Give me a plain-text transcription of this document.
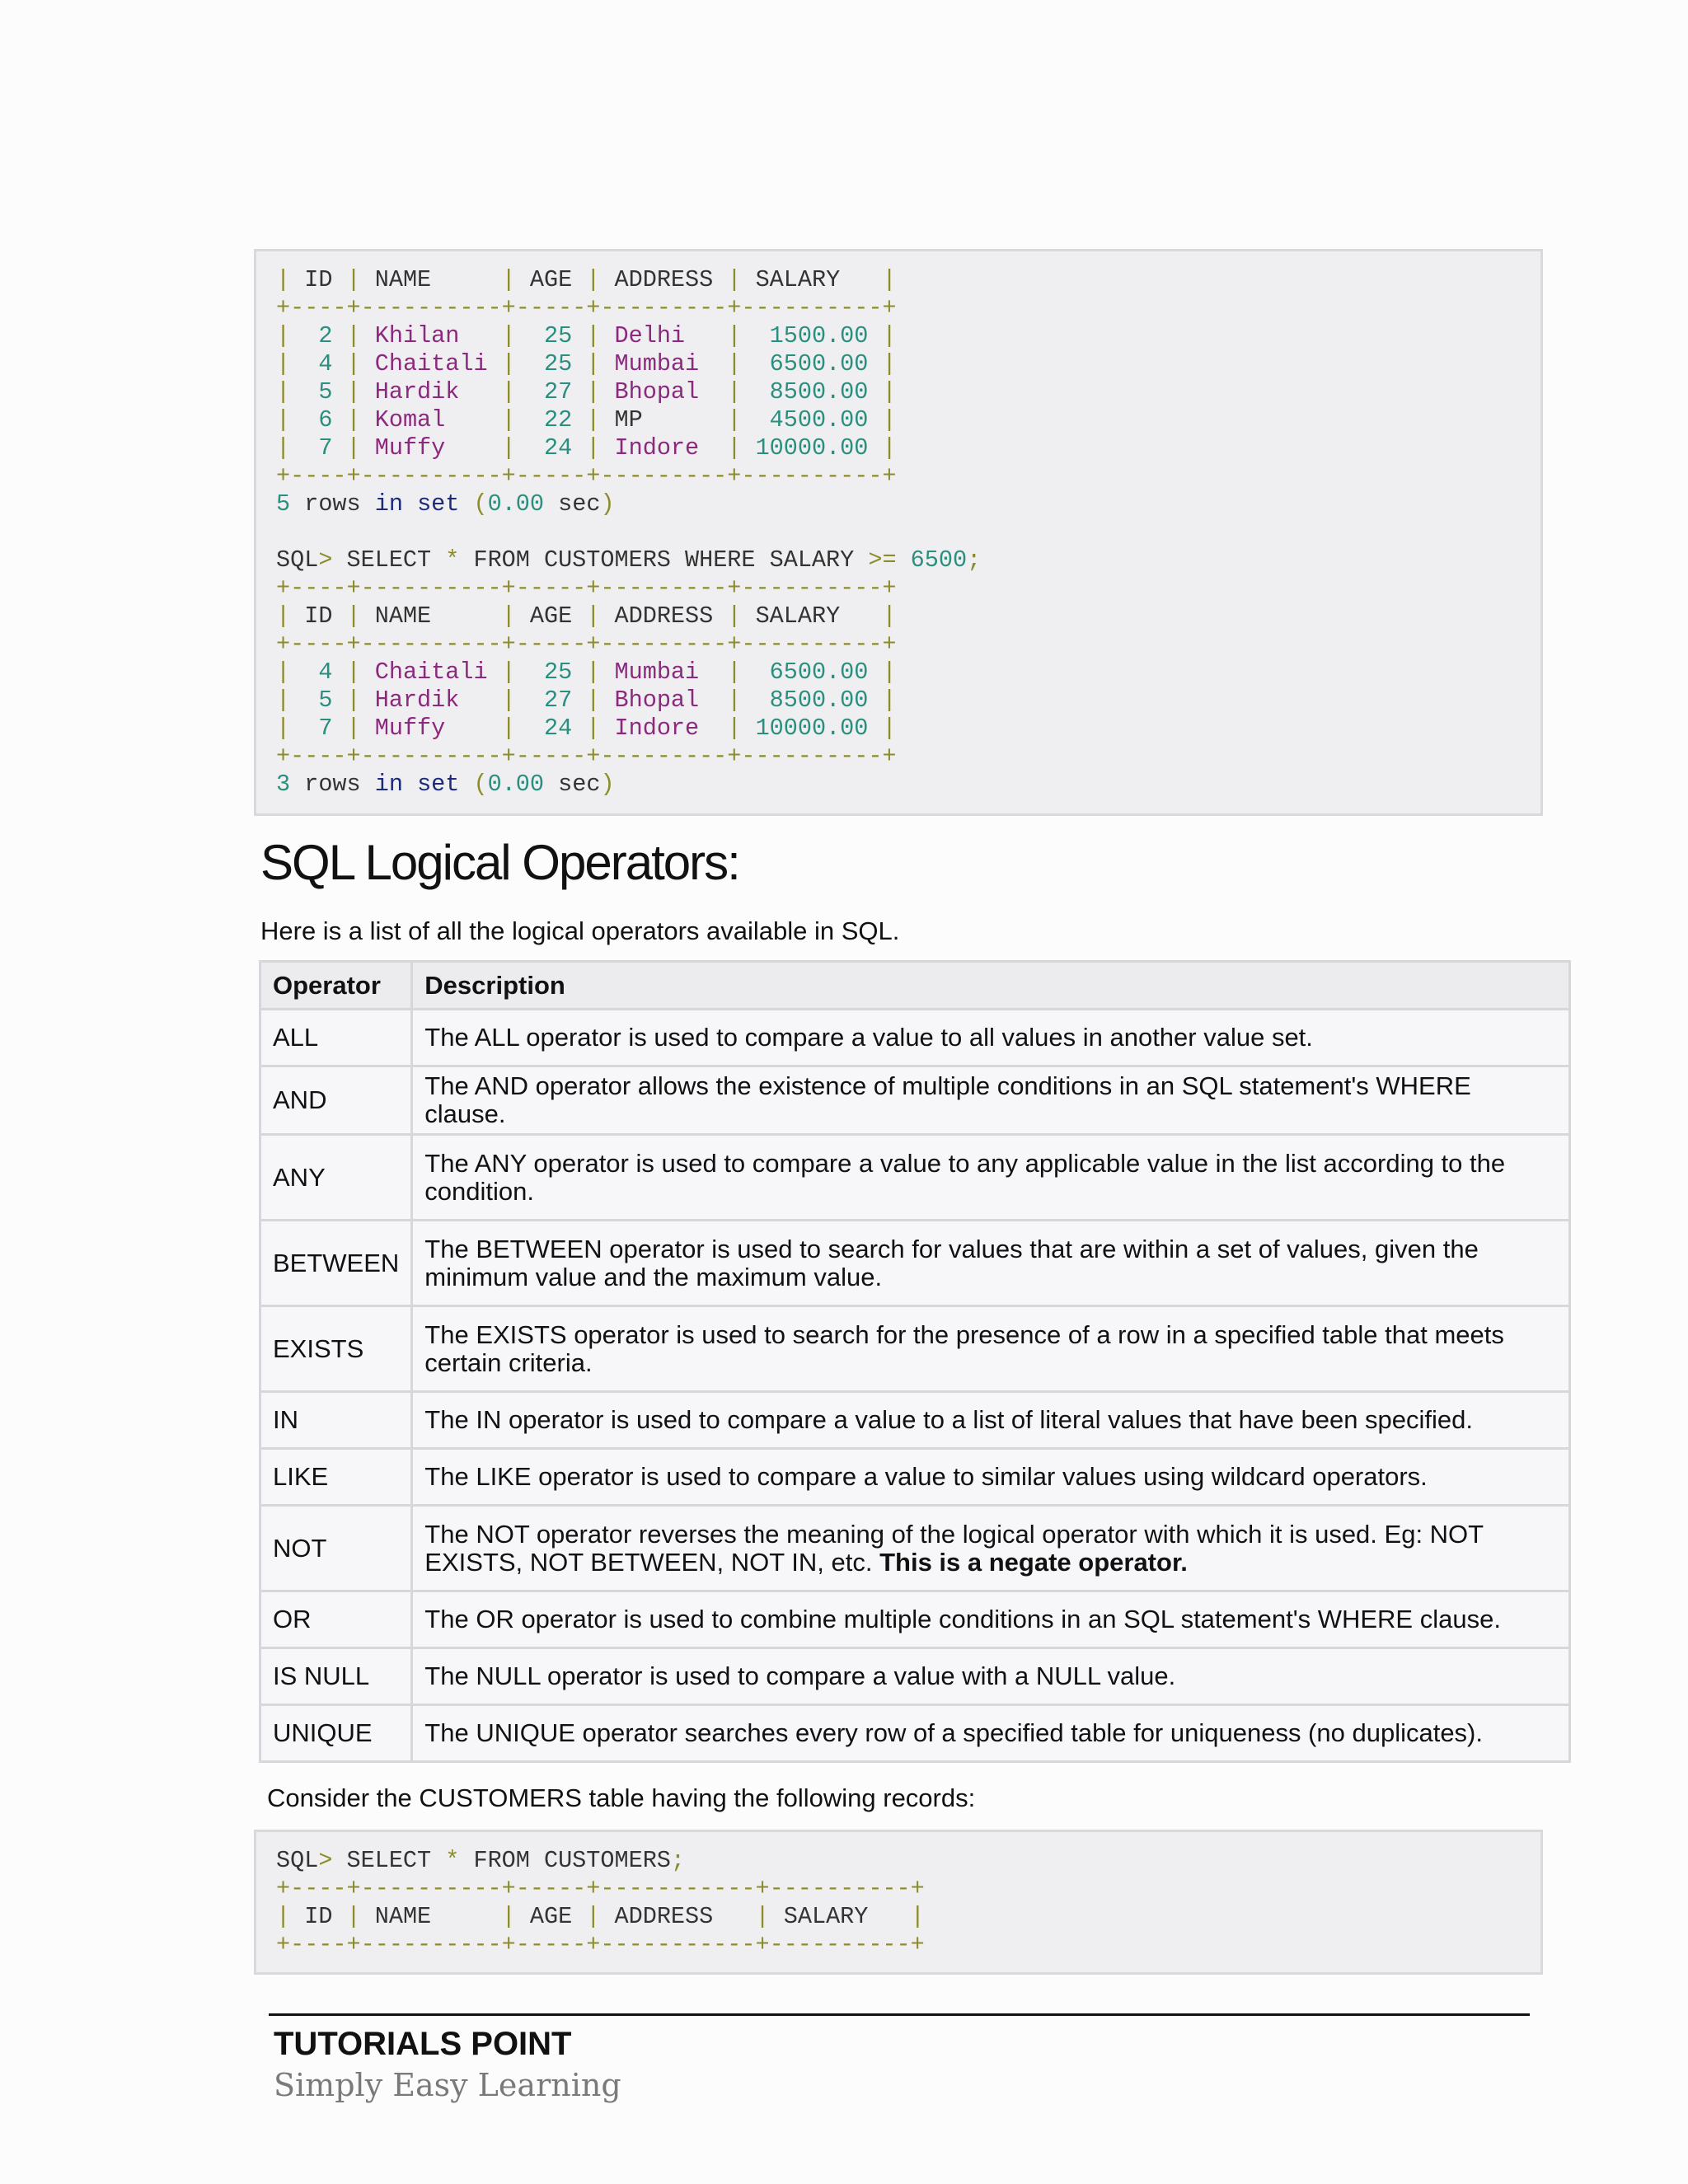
| ID | NAME     | AGE | ADDRESS | SALARY   |
+----+----------+-----+---------+----------+
|  2 | Khilan   |  25 | Delhi   |  1500.00 |
|  4 | Chaitali |  25 | Mumbai  |  6500.00 |
|  5 | Hardik   |  27 | Bhopal  |  8500.00 |
|  6 | Komal    |  22 | MP      |  4500.00 |
|  7 | Muffy    |  24 | Indore  | 10000.00 |
+----+----------+-----+---------+----------+
5 rows in set (0.00 sec)

SQL> SELECT * FROM CUSTOMERS WHERE SALARY >= 6500;
+----+----------+-----+---------+----------+
| ID | NAME     | AGE | ADDRESS | SALARY   |
+----+----------+-----+---------+----------+
|  4 | Chaitali |  25 | Mumbai  |  6500.00 |
|  5 | Hardik   |  27 | Bhopal  |  8500.00 |
|  7 | Muffy    |  24 | Indore  | 10000.00 |
+----+----------+-----+---------+----------+
3 rows in set (0.00 sec)
SQL Logical Operators:
Here is a list of all the logical operators available in SQL.
Operator	Description
ALL	The ALL operator is used to compare a value to all values in another value set.
AND	The AND operator allows the existence of multiple conditions in an SQL statement's WHERE clause.
ANY	The ANY operator is used to compare a value to any applicable value in the list according to the condition.
BETWEEN	The BETWEEN operator is used to search for values that are within a set of values, given the minimum value and the maximum value.
EXISTS	The EXISTS operator is used to search for the presence of a row in a specified table that meets certain criteria.
IN	The IN operator is used to compare a value to a list of literal values that have been specified.
LIKE	The LIKE operator is used to compare a value to similar values using wildcard operators.
NOT	The NOT operator reverses the meaning of the logical operator with which it is used. Eg: NOT EXISTS, NOT BETWEEN, NOT IN, etc. This is a negate operator.
OR	The OR operator is used to combine multiple conditions in an SQL statement's WHERE clause.
IS NULL	The NULL operator is used to compare a value with a NULL value.
UNIQUE	The UNIQUE operator searches every row of a specified table for uniqueness (no duplicates).
Consider the CUSTOMERS table having the following records:
SQL> SELECT * FROM CUSTOMERS;
+----+----------+-----+-----------+----------+
| ID | NAME     | AGE | ADDRESS   | SALARY   |
+----+----------+-----+-----------+----------+
TUTORIALS POINT
Simply Easy Learning
